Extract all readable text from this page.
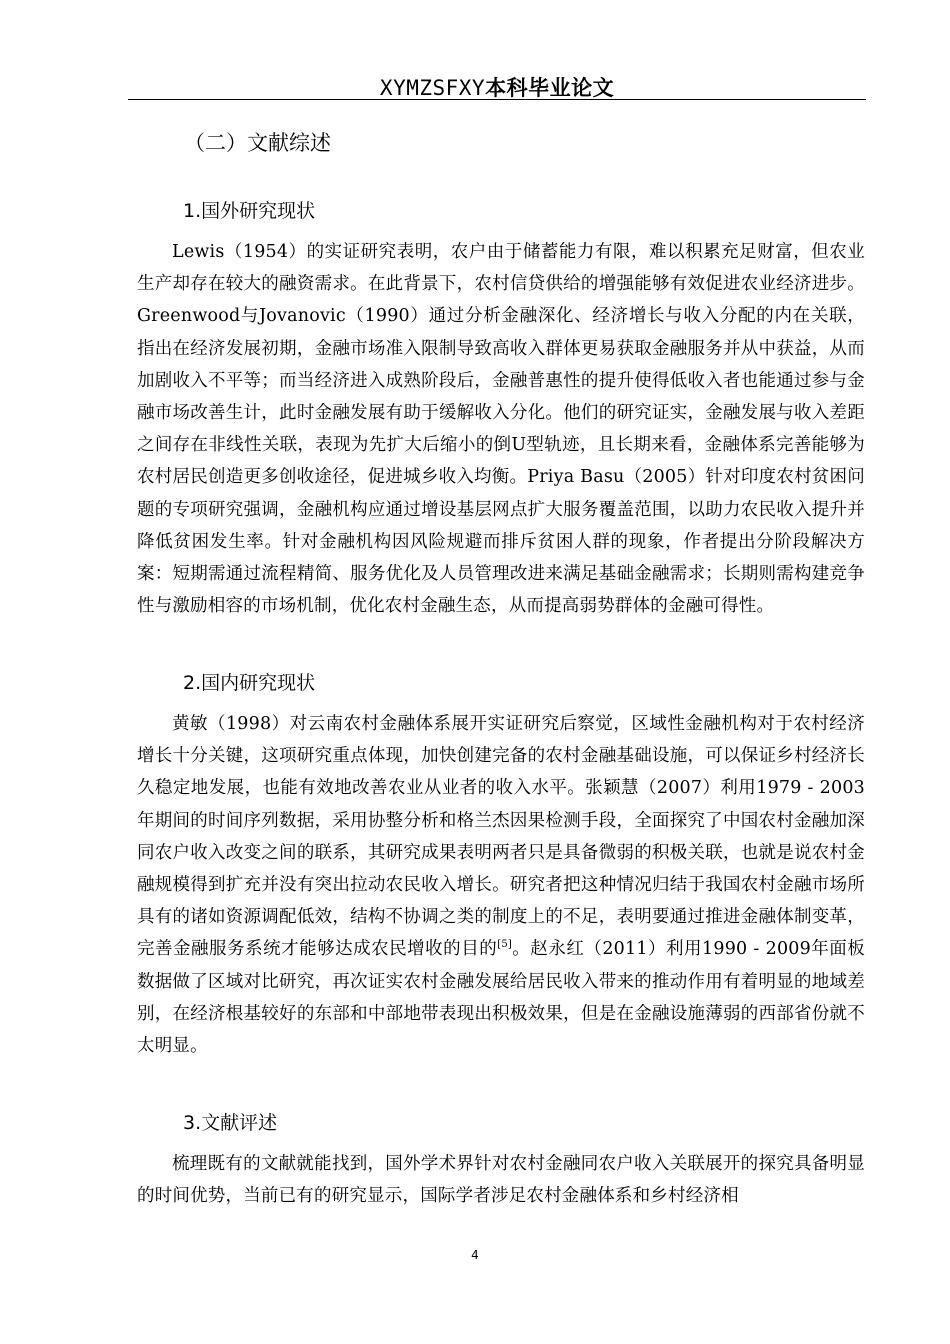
XYMZSFXY本科毕业论文
（二）文献综述
1.国外研究现状

Lewis（1954）的实证研究表明，农户由于储蓄能力有限，难以积累充足财富，但农业生产却存在较大的融资需求。在此背景下，农村信贷供给的增强能够有效促进农业经济进步。Greenwood与Jovanovic（1990）通过分析金融深化、经济增长与收入分配的内在关联，指出在经济发展初期，金融市场准入限制导致高收入群体更易获取金融服务并从中获益，从而加剧收入不平等；而当经济进入成熟阶段后，金融普惠性的提升使得低收入者也能通过参与金融市场改善生计，此时金融发展有助于缓解收入分化。他们的研究证实，金融发展与收入差距之间存在非线性关联，表现为先扩大后缩小的倒U型轨迹，且长期来看，金融体系完善能够为农村居民创造更多创收途径，促进城乡收入均衡。Priya Basu（2005）针对印度农村贫困问题的专项研究强调，金融机构应通过增设基层网点扩大服务覆盖范围，以助力农民收入提升并降低贫困发生率。针对金融机构因风险规避而排斥贫困人群的现象，作者提出分阶段解决方案：短期需通过流程精简、服务优化及人员管理改进来满足基础金融需求；长期则需构建竞争性与激励相容的市场机制，优化农村金融生态，从而提高弱势群体的金融可得性。

2.国内研究现状

黄敏（1998）对云南农村金融体系展开实证研究后察觉，区域性金融机构对于农村经济增长十分关键，这项研究重点体现，加快创建完备的农村金融基础设施，可以保证乡村经济长久稳定地发展，也能有效地改善农业从业者的收入水平。张颖慧（2007）利用1979 - 2003年期间的时间序列数据，采用协整分析和格兰杰因果检测手段，全面探究了中国农村金融加深同农户收入改变之间的联系，其研究成果表明两者只是具备微弱的积极关联，也就是说农村金融规模得到扩充并没有突出拉动农民收入增长。研究者把这种情况归结于我国农村金融市场所具有的诸如资源调配低效，结构不协调之类的制度上的不足，表明要通过推进金融体制变革，完善金融服务系统才能够达成农民增收的目的[5]。赵永红（2011）利用1990 - 2009年面板数据做了区域对比研究，再次证实农村金融发展给居民收入带来的推动作用有着明显的地域差别，在经济根基较好的东部和中部地带表现出积极效果，但是在金融设施薄弱的西部省份就不太明显。

3.文献评述

梳理既有的文献就能找到，国外学术界针对农村金融同农户收入关联展开的探究具备明显的时间优势，当前已有的研究显示，国际学者涉足农村金融体系和乡村经济相

4
